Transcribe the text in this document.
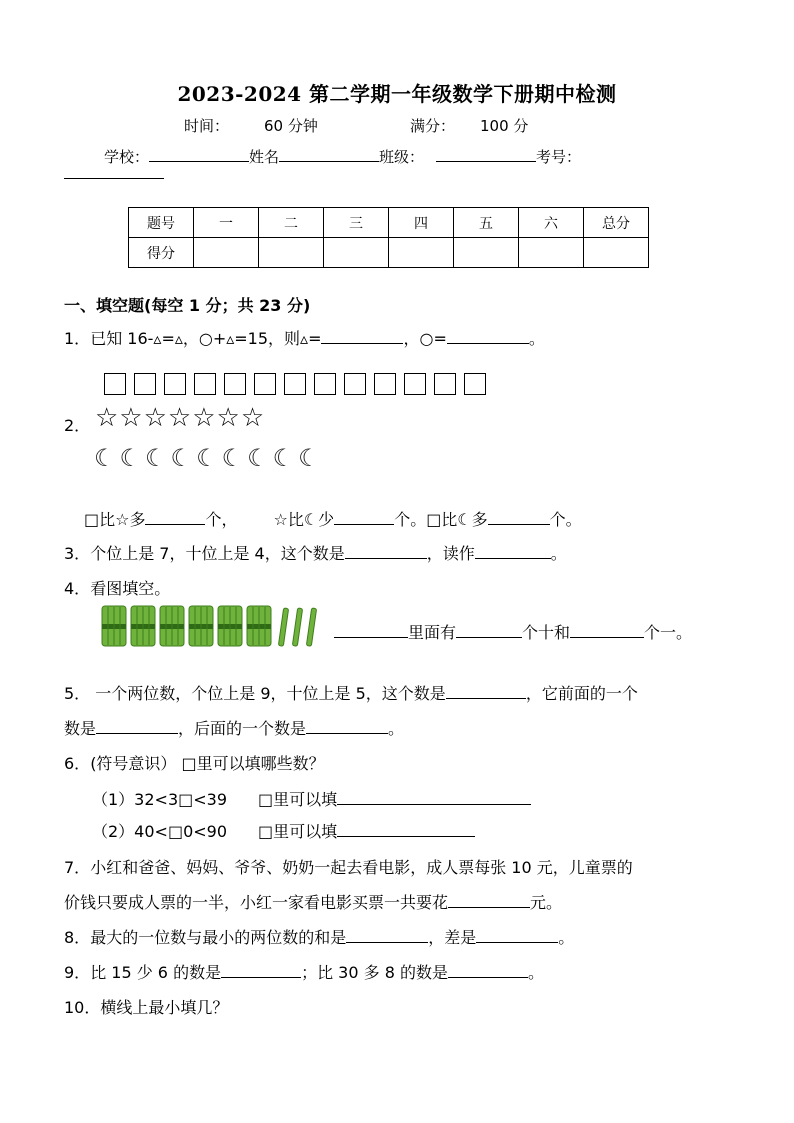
2023-2024 第二学期一年级数学下册期中检测
时间： 60 分钟	满分： 100 分
学校：	姓名	班级：	考号：
题号	一	二	三	四	五	六	总分
得分							
一、填空题(每空 1 分；共 23 分)
1．已知 16-▵=▵，○+▵=15，则▵=	，○=	。
2． ☆☆☆☆☆☆☆
☾☾☾☾☾☾☾☾☾
□比☆多	个， ☆比☾少	个。□比☾多	个。
3．个位上是 7，十位上是 4，这个数是	，读作	。
4．看图填空。
里面有	个十和	个一。
5． 一个两位数，个位上是 9，十位上是 5，这个数是	，它前面的一个
数是	，后面的一个数是	。
6．(符号意识） □里可以填哪些数？
（1）32<3□<39 □里可以填
（2）40<□0<90 □里可以填
7．小红和爸爸、妈妈、爷爷、奶奶一起去看电影，成人票每张 10 元，儿童票的
价钱只要成人票的一半，小红一家看电影买票一共要花	元。
8．最大的一位数与最小的两位数的和是	，差是	。
9．比 15 少 6 的数是	；比 30 多 8 的数是	。
10．横线上最小填几？
